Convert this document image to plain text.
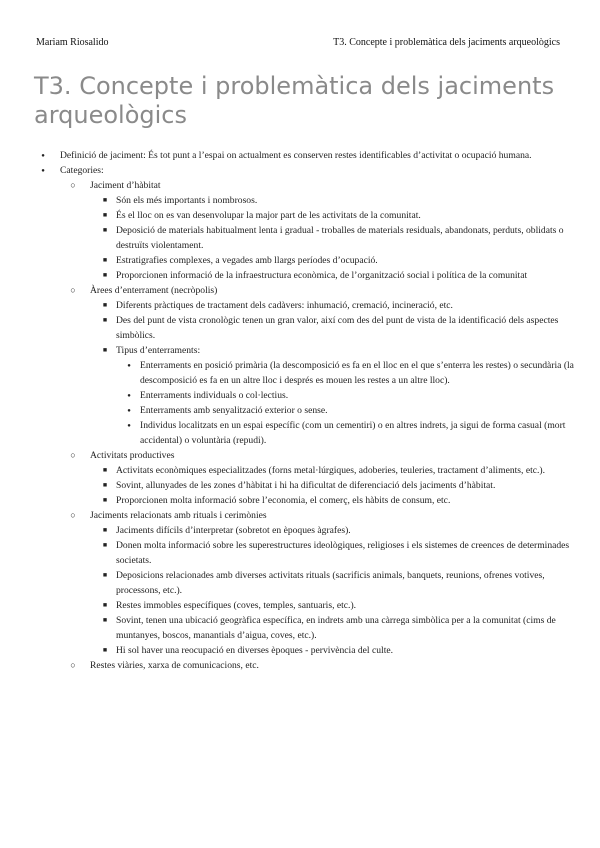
Mariam Riosalido	T3. Concepte i problemàtica dels jaciments arqueològics
T3. Concepte i problemàtica dels jaciments arqueològics
●
Definició de jaciment: És tot punt a l’espai on actualment es conserven restes identificables d’activitat o ocupació humana.
●
Categories:
○
Jaciment d’hàbitat
■
Són els més importants i nombrosos.
■
És el lloc on es van desenvolupar la major part de les activitats de la comunitat.
■
Deposició de materials habitualment lenta i gradual - troballes de materials residuals, abandonats, perduts, oblidats o destruïts violentament.
■
Estratigrafies complexes, a vegades amb llargs períodes d’ocupació.
■
Proporcionen informació de la infraestructura econòmica, de l’organització social i política de la comunitat
○
Àrees d’enterrament (necròpolis)
■
Diferents pràctiques de tractament dels cadàvers: inhumació, cremació, incineració, etc.
■
Des del punt de vista cronològic tenen un gran valor, així com des del punt de vista de la identificació dels aspectes simbòlics.
■
Tipus d’enterraments:
●
Enterraments en posició primària (la descomposició es fa en el lloc en el que s’enterra les restes) o secundària (la descomposició es fa en un altre lloc i després es mouen les restes a un altre lloc).
●
Enterraments individuals o col·lectius.
●
Enterraments amb senyalització exterior o sense.
●
Individus localitzats en un espai específic (com un cementiri) o en altres indrets, ja sigui de forma casual (mort accidental) o voluntària (repudi).
○
Activitats productives
■
Activitats econòmiques especialitzades (forns metal·lúrgiques, adoberies, teuleries, tractament d’aliments, etc.).
■
Sovint, allunyades de les zones d’hàbitat i hi ha dificultat de diferenciació dels jaciments d’hàbitat.
■
Proporcionen molta informació sobre l’economia, el comerç, els hàbits de consum, etc.
○
Jaciments relacionats amb rituals i cerimònies
■
Jaciments difícils d’interpretar (sobretot en èpoques àgrafes).
■
Donen molta informació sobre les superestructures ideològiques, religioses i els sistemes de creences de determinades societats.
■
Deposicions relacionades amb diverses activitats rituals (sacrificis animals, banquets, reunions, ofrenes votives, processons, etc.).
■
Restes immobles específiques (coves, temples, santuaris, etc.).
■
Sovint, tenen una ubicació geogràfica específica, en indrets amb una càrrega simbòlica per a la comunitat (cims de muntanyes, boscos, manantials d’aigua, coves, etc.).
■
Hi sol haver una reocupació en diverses èpoques - pervivència del culte.
○
Restes viàries, xarxa de comunicacions, etc.
